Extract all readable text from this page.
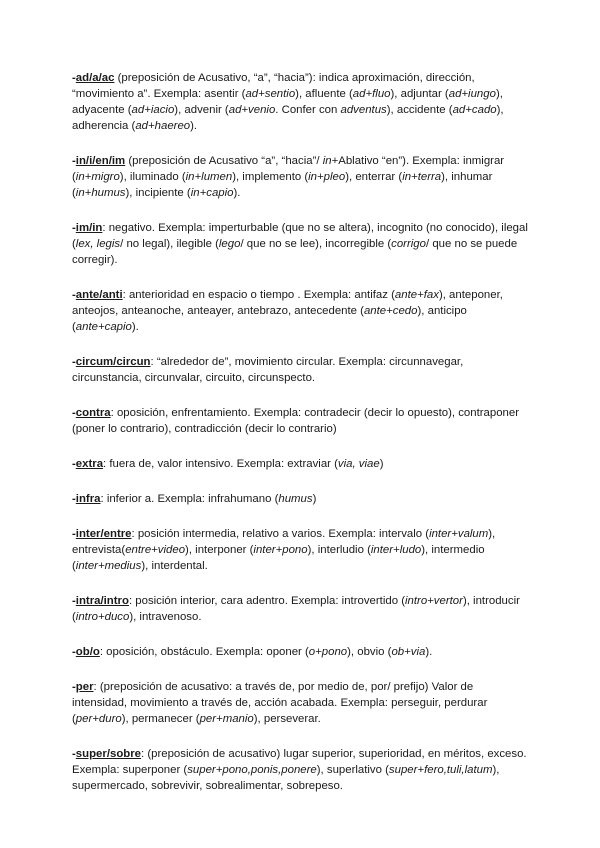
-ad/a/ac (preposición de Acusativo, “a”, “hacia”): indica aproximación, dirección, “movimiento a”. Exempla: asentir (ad+sentio), afluente (ad+fluo), adjuntar (ad+iungo), adyacente (ad+iacio), advenir (ad+venio. Confer con adventus), accidente (ad+cado), adherencia (ad+haereo).

-in/i/en/im (preposición de Acusativo “a”, “hacia”/ in+Ablativo “en”). Exempla: inmigrar (in+migro), iluminado (in+lumen), implemento (in+pleo), enterrar (in+terra), inhumar (in+humus), incipiente (in+capio).

-im/in: negativo. Exempla: imperturbable (que no se altera), incognito (no conocido), ilegal (lex, legis/ no legal), ilegible (lego/ que no se lee), incorregible (corrigo/ que no se puede corregir).

-ante/anti: anterioridad en espacio o tiempo . Exempla: antifaz (ante+fax), anteponer, anteojos, anteanoche, anteayer, antebrazo, antecedente (ante+cedo), anticipo (ante+capio).

-circum/circun: “alrededor de”, movimiento circular. Exempla: circunnavegar, circunstancia, circunvalar, circuito, circunspecto.

-contra: oposición, enfrentamiento. Exempla: contradecir (decir lo opuesto), contraponer (poner lo contrario), contradicción (decir lo contrario)

-extra: fuera de, valor intensivo. Exempla: extraviar (via, viae)

-infra: inferior a. Exempla: infrahumano (humus)

-inter/entre: posición intermedia, relativo a varios. Exempla: intervalo (inter+valum), entrevista(entre+video), interponer (inter+pono), interludio (inter+ludo), intermedio (inter+medius), interdental.

-intra/intro: posición interior, cara adentro. Exempla: introvertido (intro+vertor), introducir (intro+duco), intravenoso.

-ob/o: oposición, obstáculo. Exempla: oponer (o+pono), obvio (ob+via).

-per: (preposición de acusativo: a través de, por medio de, por/ prefijo) Valor de intensidad, movimiento a través de, acción acabada. Exempla: perseguir, perdurar (per+duro), permanecer (per+manio), perseverar.

-super/sobre: (preposición de acusativo) lugar superior, superioridad, en méritos, exceso. Exempla: superponer (super+pono,ponis,ponere), superlativo (super+fero,tuli,latum), supermercado, sobrevivir, sobrealimentar, sobrepeso.
